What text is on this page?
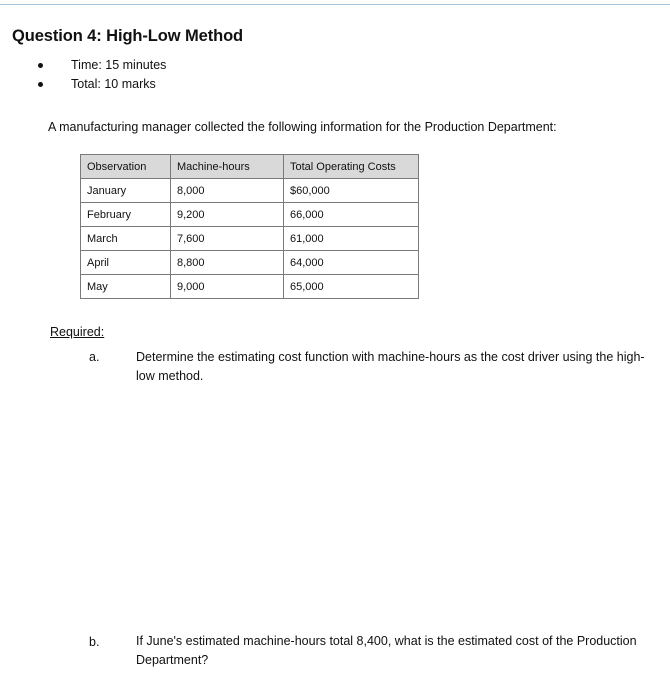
Question 4: High-Low Method
Time: 15 minutes
Total: 10 marks
A manufacturing manager collected the following information for the Production Department:
Observation	Machine-hours	Total Operating Costs
January	8,000	$60,000
February	9,200	66,000
March	7,600	61,000
April	8,800	64,000
May	9,000	65,000
Required:
a.	Determine the estimating cost function with machine-hours as the cost driver using the high-low method.
b.	If June's estimated machine-hours total 8,400, what is the estimated cost of the Production Department?
